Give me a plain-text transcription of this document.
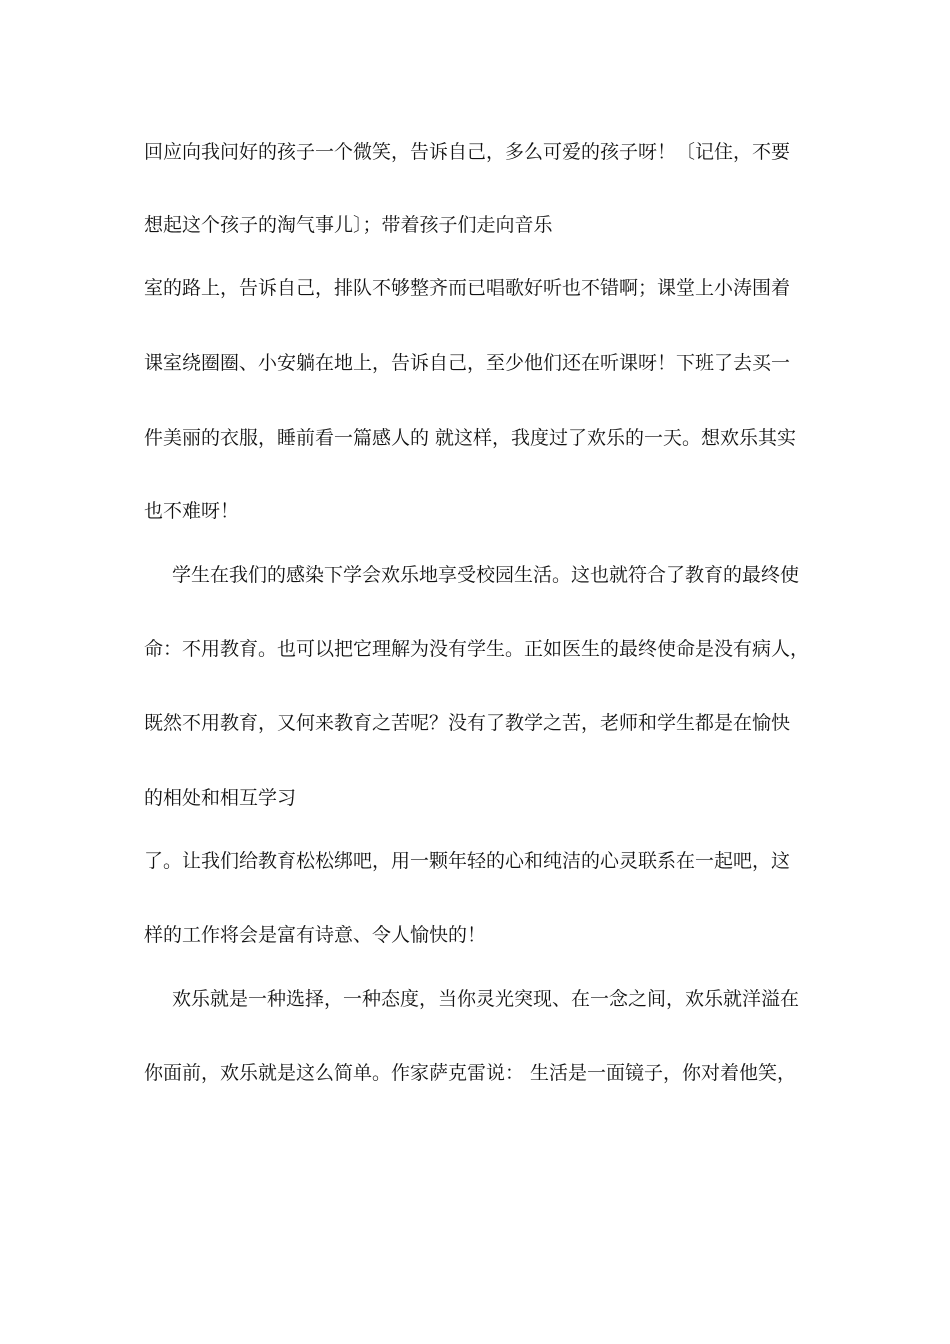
回应向我问好的孩子一个微笑，告诉自己，多么可爱的孩子呀！〔记住，不要
想起这个孩子的淘气事儿〕；带着孩子们走向音乐
室的路上，告诉自己，排队不够整齐而已唱歌好听也不错啊；课堂上小涛围着
课室绕圈圈、小安躺在地上，告诉自己，至少他们还在听课呀！下班了去买一
件美丽的衣服，睡前看一篇感人的 就这样，我度过了欢乐的一天。想欢乐其实
也不难呀！
学生在我们的感染下学会欢乐地享受校园生活。这也就符合了教育的最终使
命：不用教育。也可以把它理解为没有学生。正如医生的最终使命是没有病人，
既然不用教育，又何来教育之苦呢？没有了教学之苦，老师和学生都是在愉快
的相处和相互学习
了。让我们给教育松松绑吧，用一颗年轻的心和纯洁的心灵联系在一起吧，这
样的工作将会是富有诗意、令人愉快的！
欢乐就是一种选择，一种态度，当你灵光突现、在一念之间，欢乐就洋溢在
你面前，欢乐就是这么简单。作家萨克雷说： 生活是一面镜子，你对着他笑，
